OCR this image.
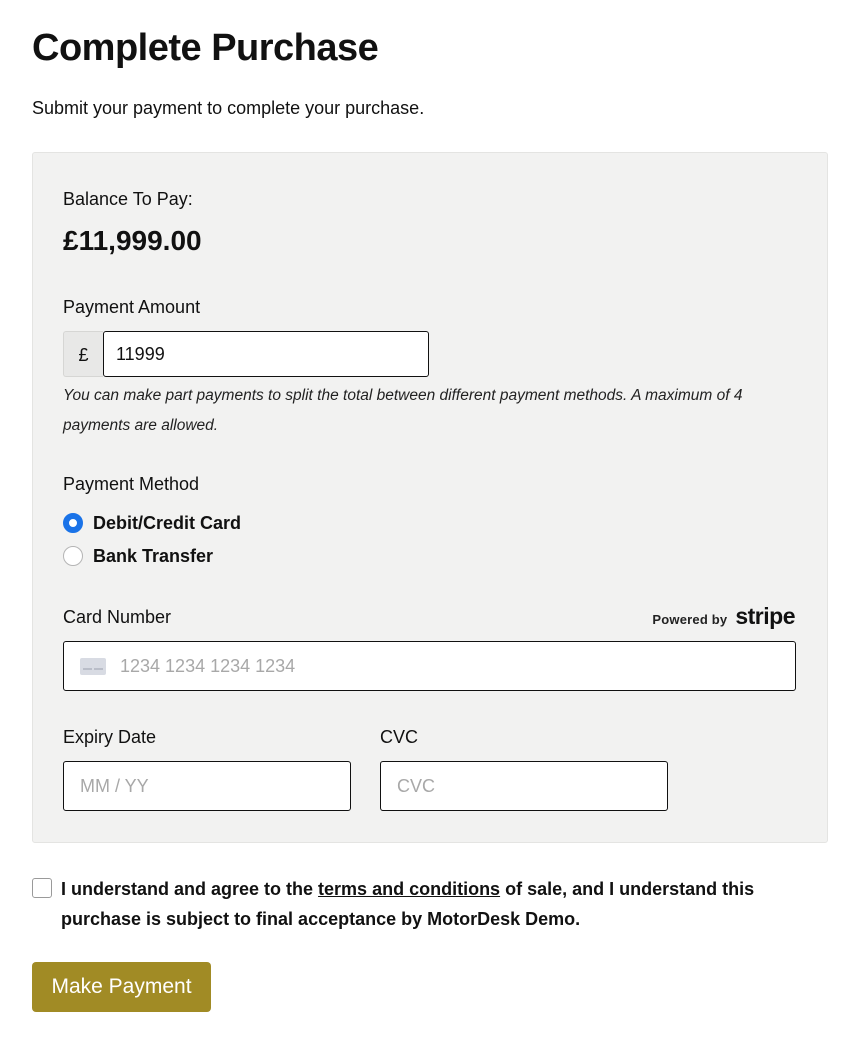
Complete Purchase

Submit your payment to complete your purchase.

Balance To Pay:
£11,999.00
Payment Amount
£
11999
You can make part payments to split the total between different payment methods. A maximum of 4 payments are allowed.
Payment Method
Debit/Credit Card
Bank Transfer
Card Number	Powered by stripe
1234 1234 1234 1234
Expiry Date	CVC
MM / YY	CVC
I understand and agree to the terms and conditions of sale, and I understand this purchase is subject to final acceptance by MotorDesk Demo.
Make Payment
